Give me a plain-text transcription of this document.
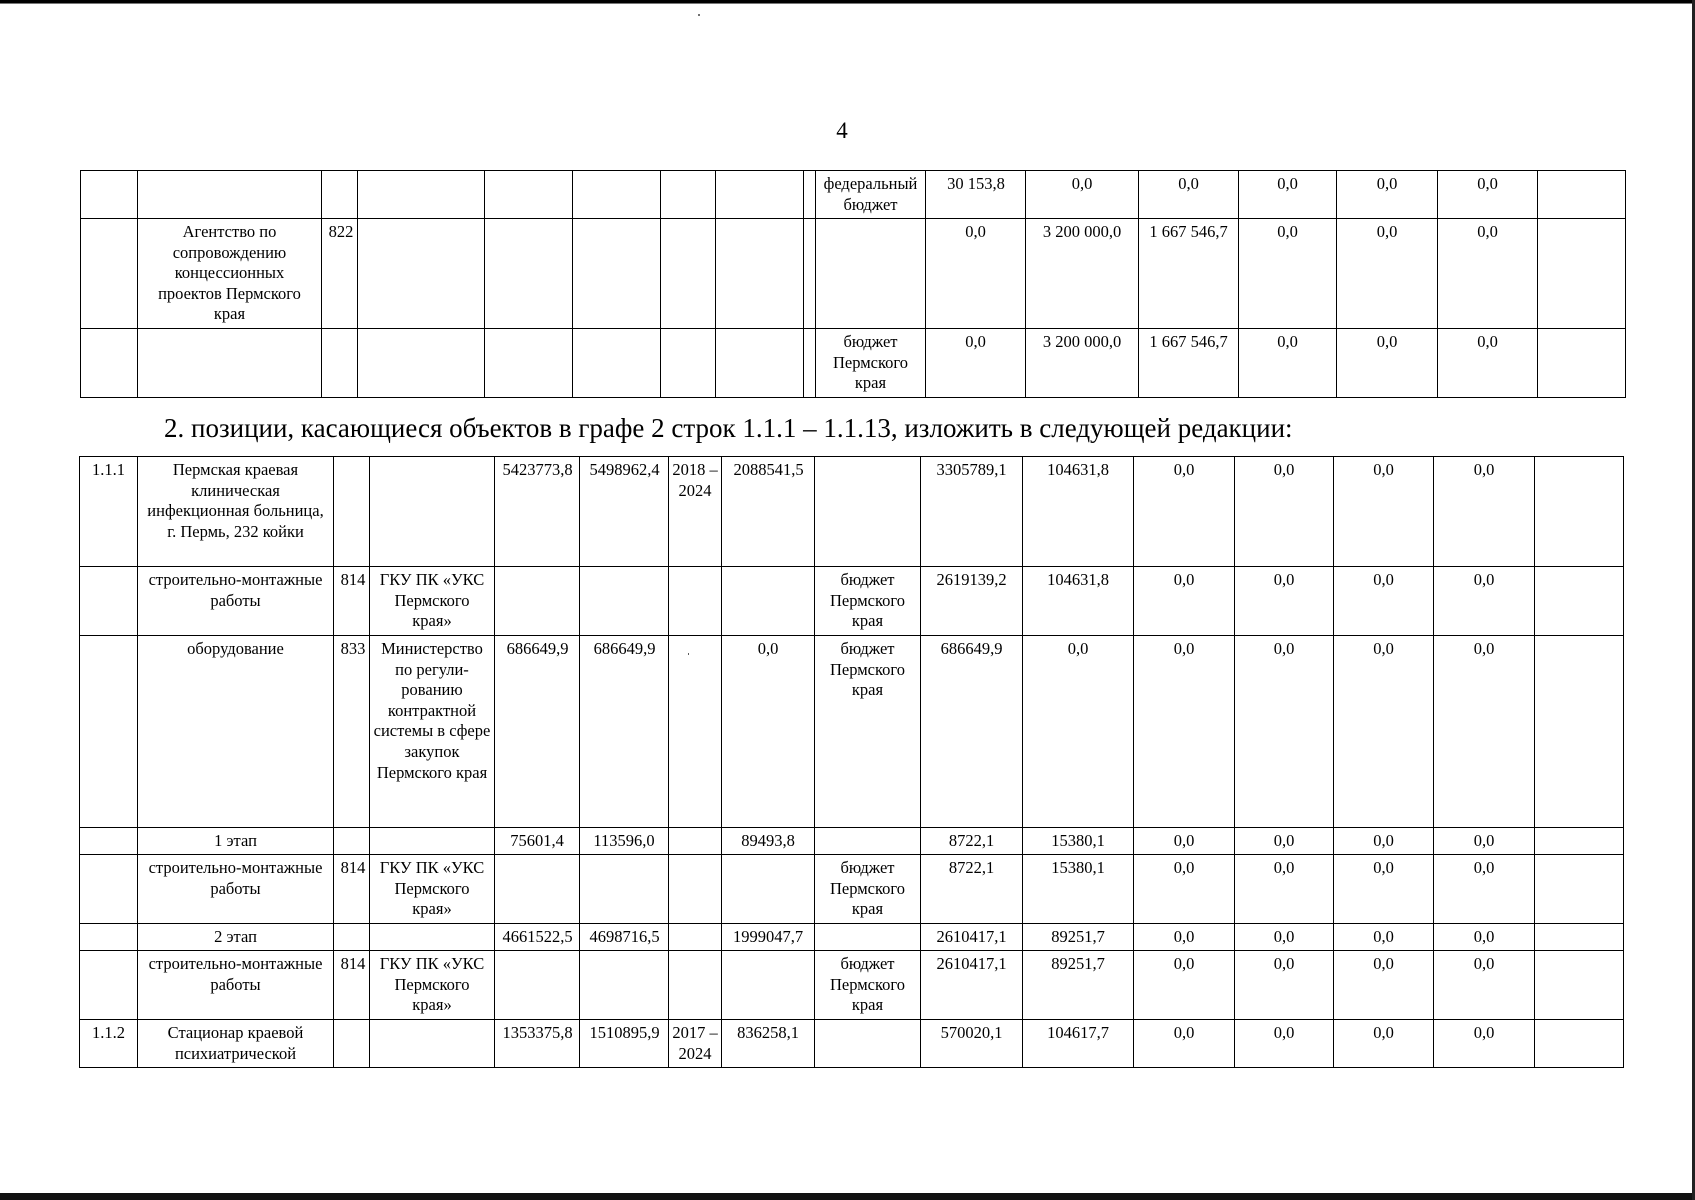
4
									федеральный бюджет	30 153,8	0,0	0,0	0,0	0,0	0,0	
	Агентство по сопровождению концессионных проектов Пермского края	822								0,0	3 200 000,0	1 667 546,7	0,0	0,0	0,0	
									бюджет Пермского края	0,0	3 200 000,0	1 667 546,7	0,0	0,0	0,0	
2. позиции, касающиеся объектов в графе 2 строк 1.1.1 – 1.1.13, изложить в следующей редакции:
1.1.1	Пермская краевая клиническая инфекционная больница, г. Пермь, 232 койки			5423773,8	5498962,4	2018 – 2024	2088541,5		3305789,1	104631,8	0,0	0,0	0,0	0,0	
	строительно-монтажные работы	814	ГКУ ПК «УКС Пермского края»					бюджет Пермского края	2619139,2	104631,8	0,0	0,0	0,0	0,0	
	оборудование	833	Министерство по регули-рованию контрактной системы в сфере закупок Пермского края	686649,9	686649,9		0,0	бюджет Пермского края	686649,9	0,0	0,0	0,0	0,0	0,0	
	1 этап			75601,4	113596,0		89493,8		8722,1	15380,1	0,0	0,0	0,0	0,0	
	строительно-монтажные работы	814	ГКУ ПК «УКС Пермского края»					бюджет Пермского края	8722,1	15380,1	0,0	0,0	0,0	0,0	
	2 этап			4661522,5	4698716,5		1999047,7		2610417,1	89251,7	0,0	0,0	0,0	0,0	
	строительно-монтажные работы	814	ГКУ ПК «УКС Пермского края»					бюджет Пермского края	2610417,1	89251,7	0,0	0,0	0,0	0,0	
1.1.2	Стационар краевой психиатрической			1353375,8	1510895,9	2017 – 2024	836258,1		570020,1	104617,7	0,0	0,0	0,0	0,0	
